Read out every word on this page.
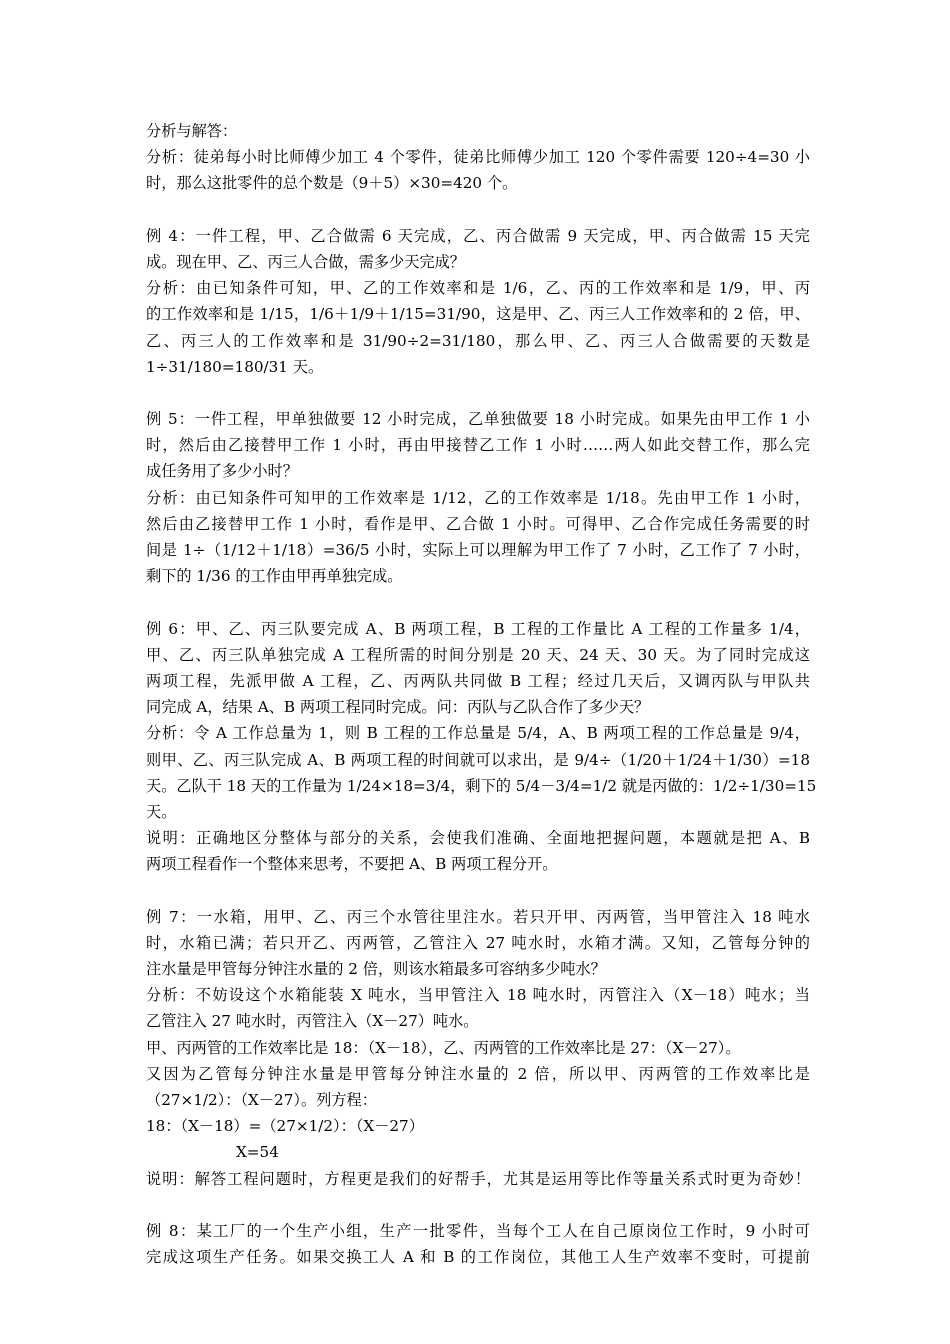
分析与解答：
分析：徒弟每小时比师傅少加工 4 个零件，徒弟比师傅少加工 120 个零件需要 120÷4=30 小
时，那么这批零件的总个数是（9＋5）×30=420 个。
例 4：一件工程，甲、乙合做需 6 天完成，乙、丙合做需 9 天完成，甲、丙合做需 15 天完
成。现在甲、乙、丙三人合做，需多少天完成？
分析：由已知条件可知，甲、乙的工作效率和是 1/6，乙、丙的工作效率和是 1/9，甲、丙
的工作效率和是 1/15，1/6＋1/9＋1/15=31/90，这是甲、乙、丙三人工作效率和的 2 倍，甲、
乙、丙三人的工作效率和是 31/90÷2=31/180，那么甲、乙、丙三人合做需要的天数是
1÷31/180=180/31 天。
例 5：一件工程，甲单独做要 12 小时完成，乙单独做要 18 小时完成。如果先由甲工作 1 小
时，然后由乙接替甲工作 1 小时，再由甲接替乙工作 1 小时……两人如此交替工作，那么完
成任务用了多少小时？
分析：由已知条件可知甲的工作效率是 1/12，乙的工作效率是 1/18。先由甲工作 1 小时，
然后由乙接替甲工作 1 小时，看作是甲、乙合做 1 小时。可得甲、乙合作完成任务需要的时
间是 1÷（1/12＋1/18）=36/5 小时，实际上可以理解为甲工作了 7 小时，乙工作了 7 小时，
剩下的 1/36 的工作由甲再单独完成。
例 6：甲、乙、丙三队要完成 A、B 两项工程，B 工程的工作量比 A 工程的工作量多 1/4，
甲、乙、丙三队单独完成 A 工程所需的时间分别是 20 天、24 天、30 天。为了同时完成这
两项工程，先派甲做 A 工程，乙、丙两队共同做 B 工程；经过几天后，又调丙队与甲队共
同完成 A，结果 A、B 两项工程同时完成。问：丙队与乙队合作了多少天？
分析：令 A 工作总量为 1，则 B 工程的工作总量是 5/4，A、B 两项工程的工作总量是 9/4，
则甲、乙、丙三队完成 A、B 两项工程的时间就可以求出，是 9/4÷（1/20＋1/24＋1/30）=18
天。乙队干 18 天的工作量为 1/24×18=3/4，剩下的 5/4－3/4=1/2 就是丙做的：1/2÷1/30=15
天。
说明：正确地区分整体与部分的关系，会使我们准确、全面地把握问题，本题就是把 A、B
两项工程看作一个整体来思考，不要把 A、B 两项工程分开。
例 7：一水箱，用甲、乙、丙三个水管往里注水。若只开甲、丙两管，当甲管注入 18 吨水
时，水箱已满；若只开乙、丙两管，乙管注入 27 吨水时，水箱才满。又知，乙管每分钟的
注水量是甲管每分钟注水量的 2 倍，则该水箱最多可容纳多少吨水？
分析：不妨设这个水箱能装 X 吨水，当甲管注入 18 吨水时，丙管注入（X－18）吨水；当
乙管注入 27 吨水时，丙管注入（X－27）吨水。
甲、丙两管的工作效率比是 18：（X－18），乙、丙两管的工作效率比是 27：（X－27）。
又因为乙管每分钟注水量是甲管每分钟注水量的 2 倍，所以甲、丙两管的工作效率比是
（27×1/2）：（X－27）。列方程：
18：（X－18）=（27×1/2）：（X－27）
X=54
说明：解答工程问题时，方程更是我们的好帮手，尤其是运用等比作等量关系式时更为奇妙！
例 8：某工厂的一个生产小组，生产一批零件，当每个工人在自己原岗位工作时，9 小时可
完成这项生产任务。如果交换工人 A 和 B 的工作岗位，其他工人生产效率不变时，可提前
